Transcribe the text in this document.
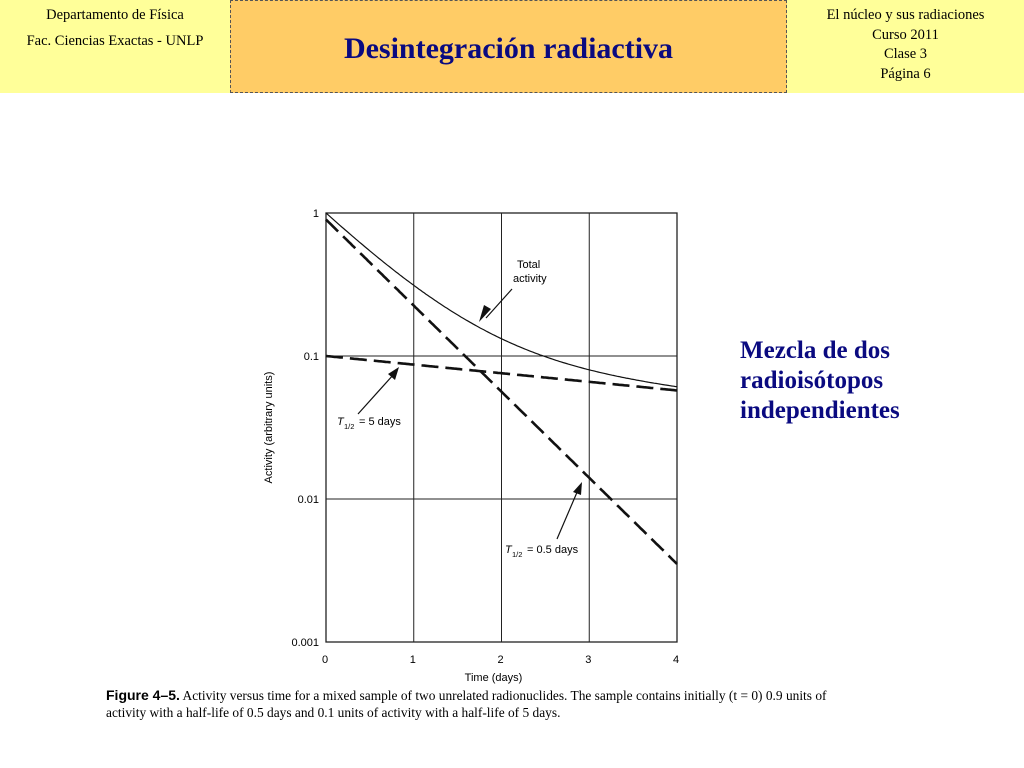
Departamento de Física
Fac. Ciencias Exactas - UNLP	Desintegración radiactiva
El núcleo y sus radiaciones
Curso 2011
Clase 3
Página 6
0	1	2	3	4
1
0.1
0.01
0.001
Time (days)
Activity (arbitrary units)
Total
activity
T 1/2 = 5 days
T 1/2 = 0.5 days
Mezcla de dos radioisótopos independientes
Figure 4–5. Activity versus time for a mixed sample of two unrelated radionuclides. The sample contains initially (t = 0) 0.9 units of activity with a half-life of 0.5 days and 0.1 units of activity with a half-life of 5 days.
